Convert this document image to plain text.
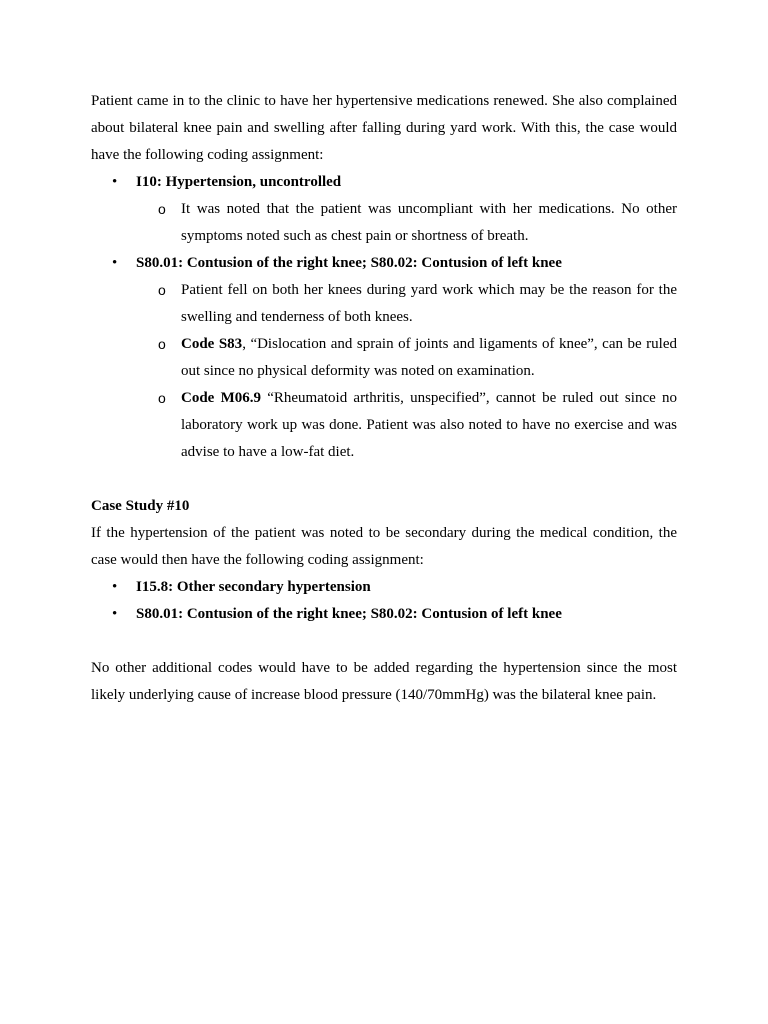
Patient came in to the clinic to have her hypertensive medications renewed. She also complained about bilateral knee pain and swelling after falling during yard work. With this, the case would have the following coding assignment:

• I10: Hypertension, uncontrolled
o It was noted that the patient was uncompliant with her medications. No other symptoms noted such as chest pain or shortness of breath.
• S80.01: Contusion of the right knee; S80.02: Contusion of left knee
o Patient fell on both her knees during yard work which may be the reason for the swelling and tenderness of both knees.
o Code S83, “Dislocation and sprain of joints and ligaments of knee”, can be ruled out since no physical deformity was noted on examination.
o Code M06.9 “Rheumatoid arthritis, unspecified”, cannot be ruled out since no laboratory work up was done. Patient was also noted to have no exercise and was advise to have a low-fat diet.

Case Study #10

If the hypertension of the patient was noted to be secondary during the medical condition, the case would then have the following coding assignment:

• I15.8: Other secondary hypertension
• S80.01: Contusion of the right knee; S80.02: Contusion of left knee

No other additional codes would have to be added regarding the hypertension since the most likely underlying cause of increase blood pressure (140/70mmHg) was the bilateral knee pain.
